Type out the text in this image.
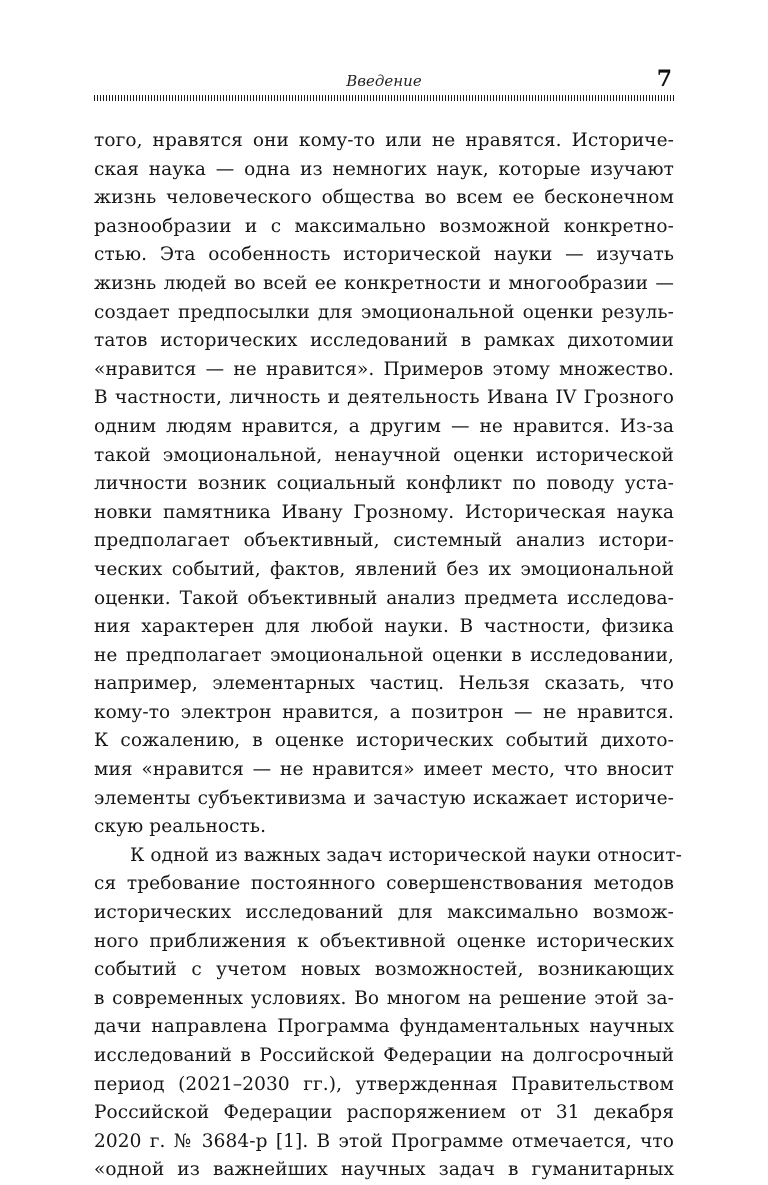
Введение	7
того, нравятся они кому-то или не нравятся. Историче-
ская наука — одна из немногих наук, которые изучают
жизнь человеческого общества во всем ее бесконечном
разнообразии и с максимально возможной конкретно-
стью. Эта особенность исторической науки — изучать
жизнь людей во всей ее конкретности и многообразии —
создает предпосылки для эмоциональной оценки резуль-
татов исторических исследований в рамках дихотомии
«нравится — не нравится». Примеров этому множество.
В частности, личность и деятельность Ивана IV Грозного
одним людям нравится, а другим — не нравится. Из-за
такой эмоциональной, ненаучной оценки исторической
личности возник социальный конфликт по поводу уста-
новки памятника Ивану Грозному. Историческая наука
предполагает объективный, системный анализ истори-
ческих событий, фактов, явлений без их эмоциональной
оценки. Такой объективный анализ предмета исследова-
ния характерен для любой науки. В частности, физика
не предполагает эмоциональной оценки в исследовании,
например, элементарных частиц. Нельзя сказать, что
кому-то электрон нравится, а позитрон — не нравится.
К сожалению, в оценке исторических событий дихото-
мия «нравится — не нравится» имеет место, что вносит
элементы субъективизма и зачастую искажает историче-
скую реальность.
К одной из важных задач исторической науки относит-
ся требование постоянного совершенствования методов
исторических исследований для максимально возмож-
ного приближения к объективной оценке исторических
событий с учетом новых возможностей, возникающих
в современных условиях. Во многом на решение этой за-
дачи направлена Программа фундаментальных научных
исследований в Российской Федерации на долгосрочный
период (2021–2030 гг.), утвержденная Правительством
Российской Федерации распоряжением от 31 декабря
2020 г. № 3684-р [1]. В этой Программе отмечается, что
«одной из важнейших научных задач в гуманитарных
